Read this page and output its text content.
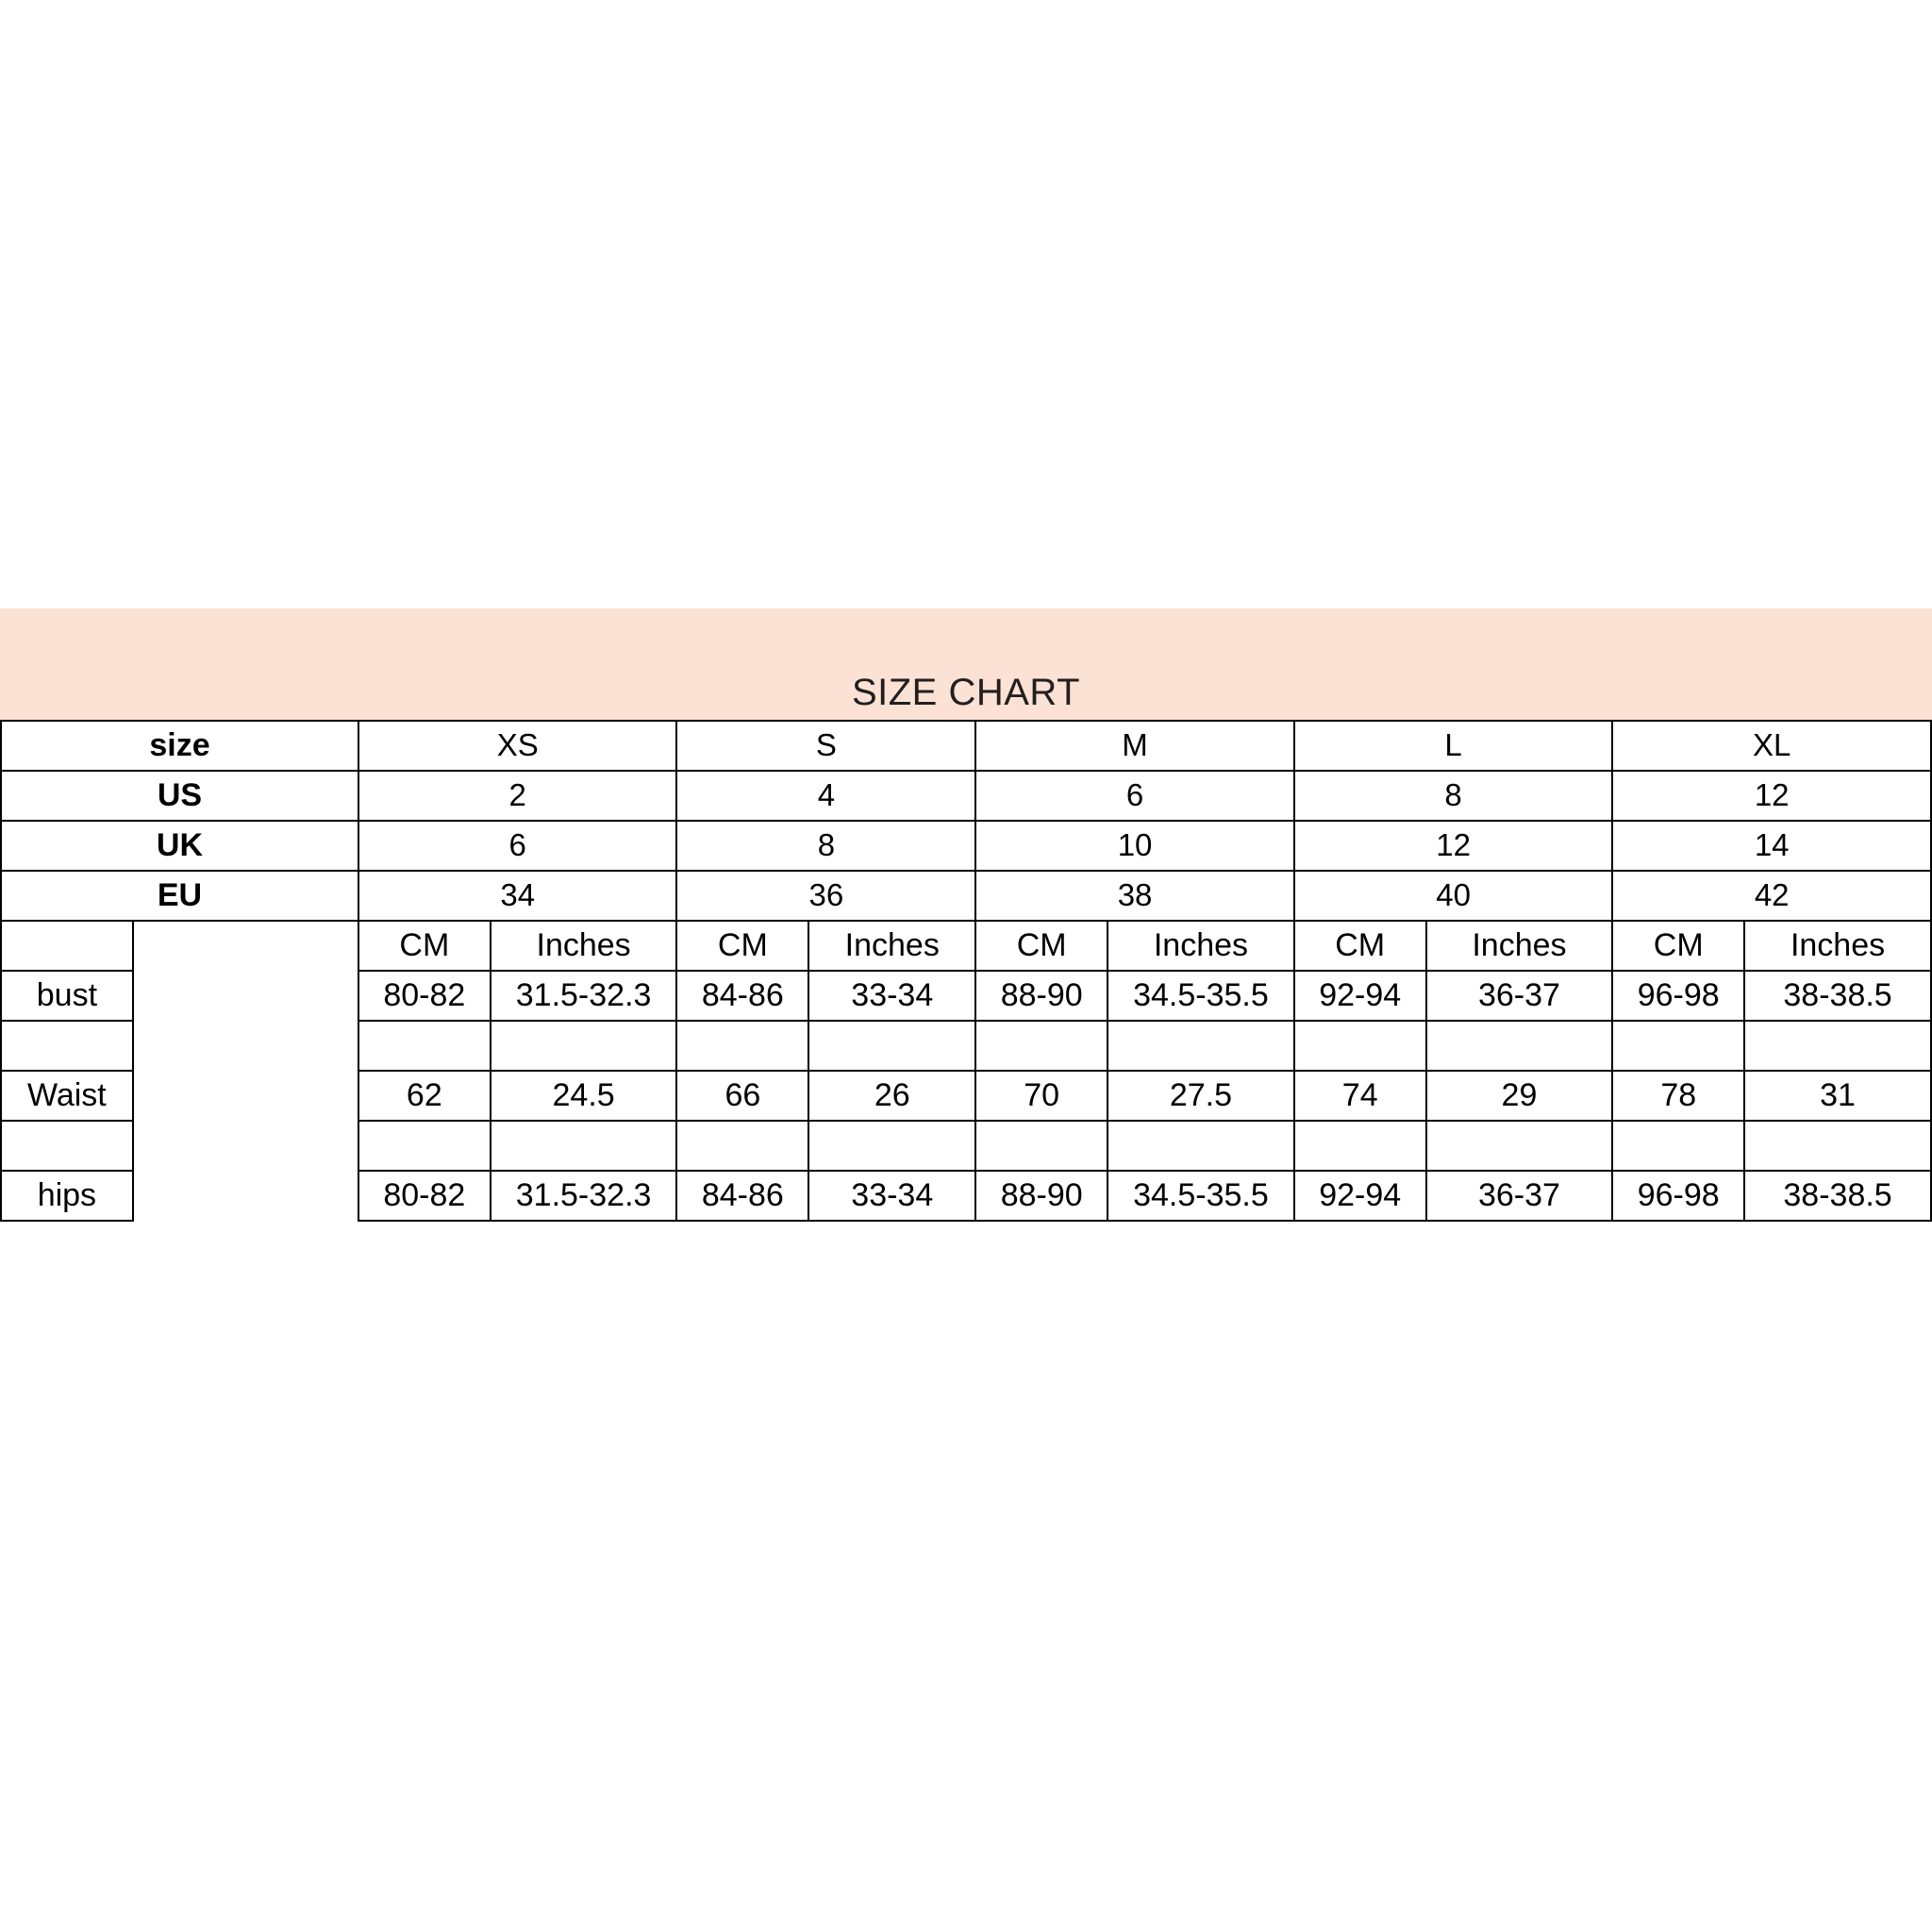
SIZE CHART
size		XS		S		M		L		XL	
US		2		4		6		8		12	
UK		6		8		10		12		14	
EU		34		36		38		40		42	
		CM	Inches	CM	Inches	CM	Inches	CM	Inches	CM	Inches
bust		80-82	31.5-32.3	84-86	33-34	88-90	34.5-35.5	92-94	36-37	96-98	38-38.5

Waist		62	24.5	66	26	70	27.5	74	29	78	31

hips		80-82	31.5-32.3	84-86	33-34	88-90	34.5-35.5	92-94	36-37	96-98	38-38.5
